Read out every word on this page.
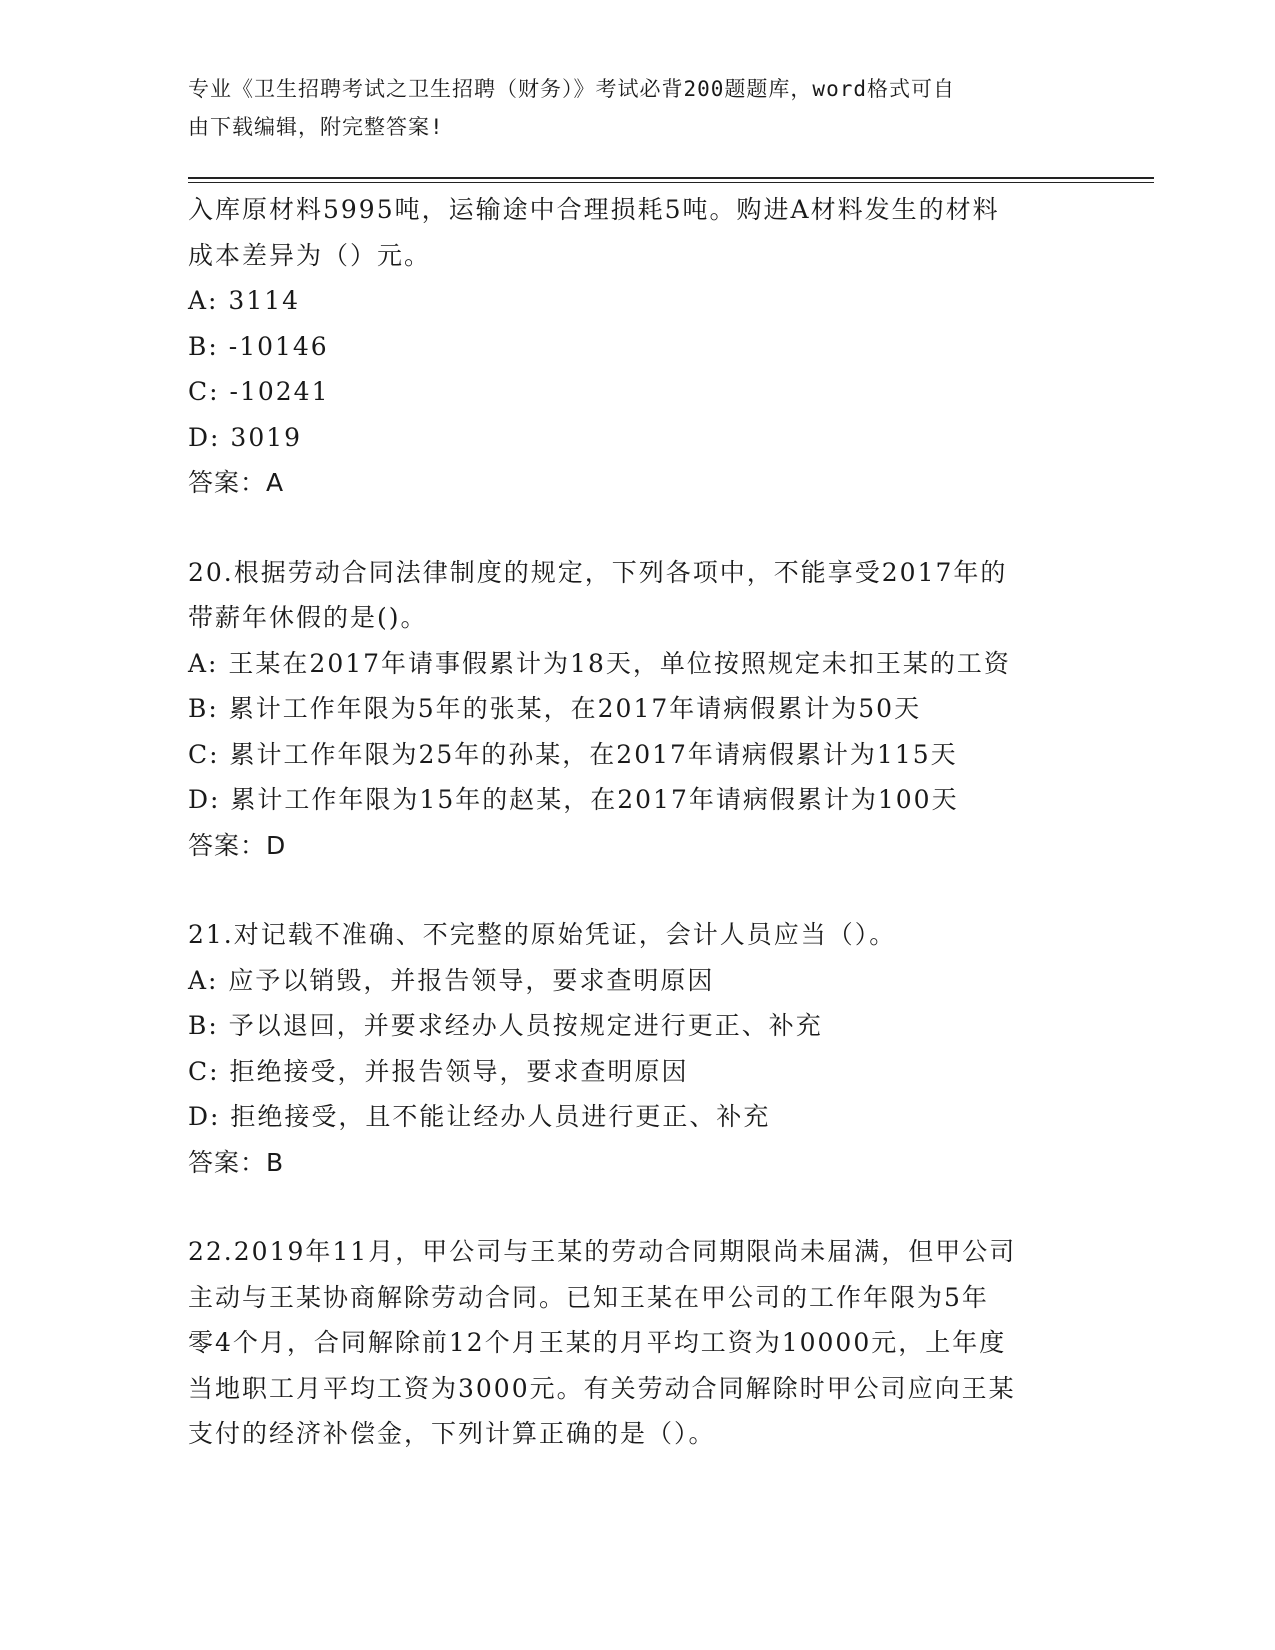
专业《卫生招聘考试之卫生招聘（财务）》考试必背200题题库，word格式可自
由下载编辑，附完整答案!
入库原材料5995吨，运输途中合理损耗5吨。购进A材料发生的材料
成本差异为（）元。
A: 3114
B: -10146
C: -10241
D: 3019
答案：A
20.根据劳动合同法律制度的规定，下列各项中，不能享受2017年的
带薪年休假的是()。
A: 王某在2017年请事假累计为18天，单位按照规定未扣王某的工资
B: 累计工作年限为5年的张某，在2017年请病假累计为50天
C: 累计工作年限为25年的孙某，在2017年请病假累计为115天
D: 累计工作年限为15年的赵某，在2017年请病假累计为100天
答案：D
21.对记载不准确、不完整的原始凭证，会计人员应当（）。
A: 应予以销毁，并报告领导，要求查明原因
B: 予以退回，并要求经办人员按规定进行更正、补充
C: 拒绝接受，并报告领导，要求查明原因
D: 拒绝接受，且不能让经办人员进行更正、补充
答案：B
22.2019年11月，甲公司与王某的劳动合同期限尚未届满，但甲公司
主动与王某协商解除劳动合同。已知王某在甲公司的工作年限为5年
零4个月，合同解除前12个月王某的月平均工资为10000元，上年度
当地职工月平均工资为3000元。有关劳动合同解除时甲公司应向王某
支付的经济补偿金，下列计算正确的是（）。
